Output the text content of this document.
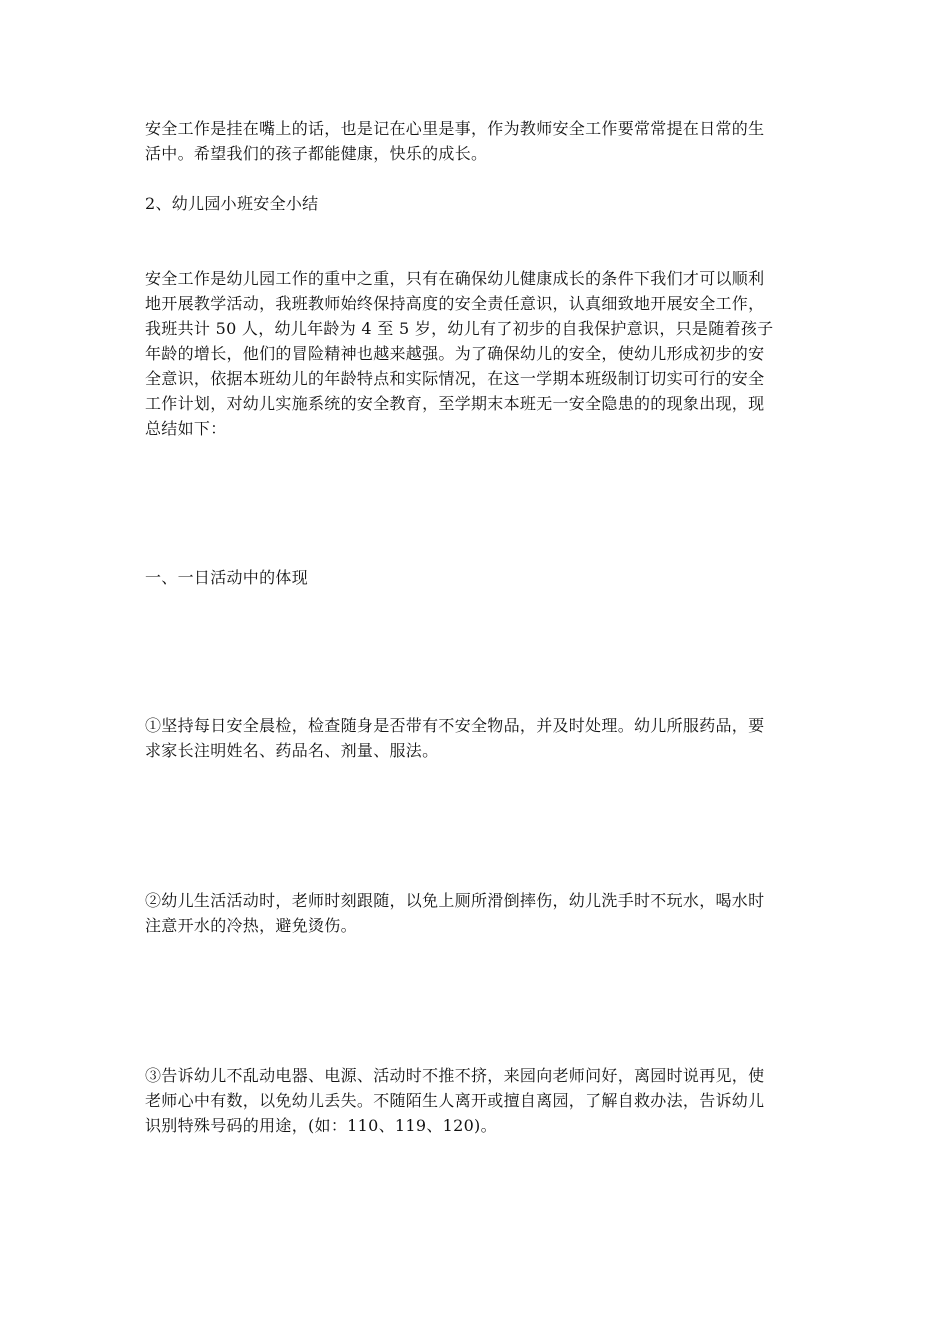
安全工作是挂在嘴上的话，也是记在心里是事，作为教师安全工作要常常提在日常的生
活中。希望我们的孩子都能健康，快乐的成长。

2、幼儿园小班安全小结

安全工作是幼儿园工作的重中之重，只有在确保幼儿健康成长的条件下我们才可以顺利
地开展教学活动，我班教师始终保持高度的安全责任意识，认真细致地开展安全工作，
我班共计 50 人，幼儿年龄为 4 至 5 岁，幼儿有了初步的自我保护意识，只是随着孩子
年龄的增长，他们的冒险精神也越来越强。为了确保幼儿的安全，使幼儿形成初步的安
全意识，依据本班幼儿的年龄特点和实际情况，在这一学期本班级制订切实可行的安全
工作计划，对幼儿实施系统的安全教育，至学期末本班无一安全隐患的的现象出现，现
总结如下：

一、一日活动中的体现

①坚持每日安全晨检，检查随身是否带有不安全物品，并及时处理。幼儿所服药品，要
求家长注明姓名、药品名、剂量、服法。

②幼儿生活活动时，老师时刻跟随，以免上厕所滑倒摔伤，幼儿洗手时不玩水，喝水时
注意开水的冷热，避免烫伤。

③告诉幼儿不乱动电器、电源、活动时不推不挤，来园向老师问好，离园时说再见，使
老师心中有数，以免幼儿丢失。不随陌生人离开或擅自离园，了解自救办法，告诉幼儿
识别特殊号码的用途，(如：110、119、120)。
